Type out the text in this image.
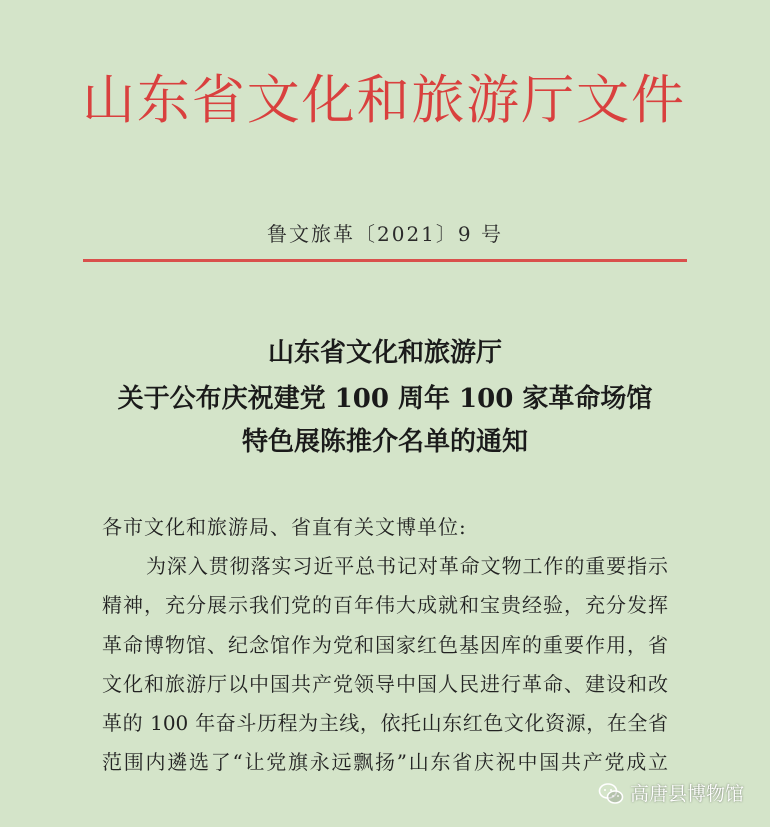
山东省文化和旅游厅文件
鲁文旅革〔2021〕9 号
山东省文化和旅游厅
关于公布庆祝建党 100 周年 100 家革命场馆
特色展陈推介名单的通知
各市文化和旅游局、省直有关文博单位:
为深入贯彻落实习近平总书记对革命文物工作的重要指示
精神，充分展示我们党的百年伟大成就和宝贵经验，充分发挥
革命博物馆、纪念馆作为党和国家红色基因库的重要作用，省
文化和旅游厅以中国共产党领导中国人民进行革命、建设和改
革的 100 年奋斗历程为主线，依托山东红色文化资源，在全省
范围内遴选了“让党旗永远飘扬”山东省庆祝中国共产党成立
高唐县博物馆
